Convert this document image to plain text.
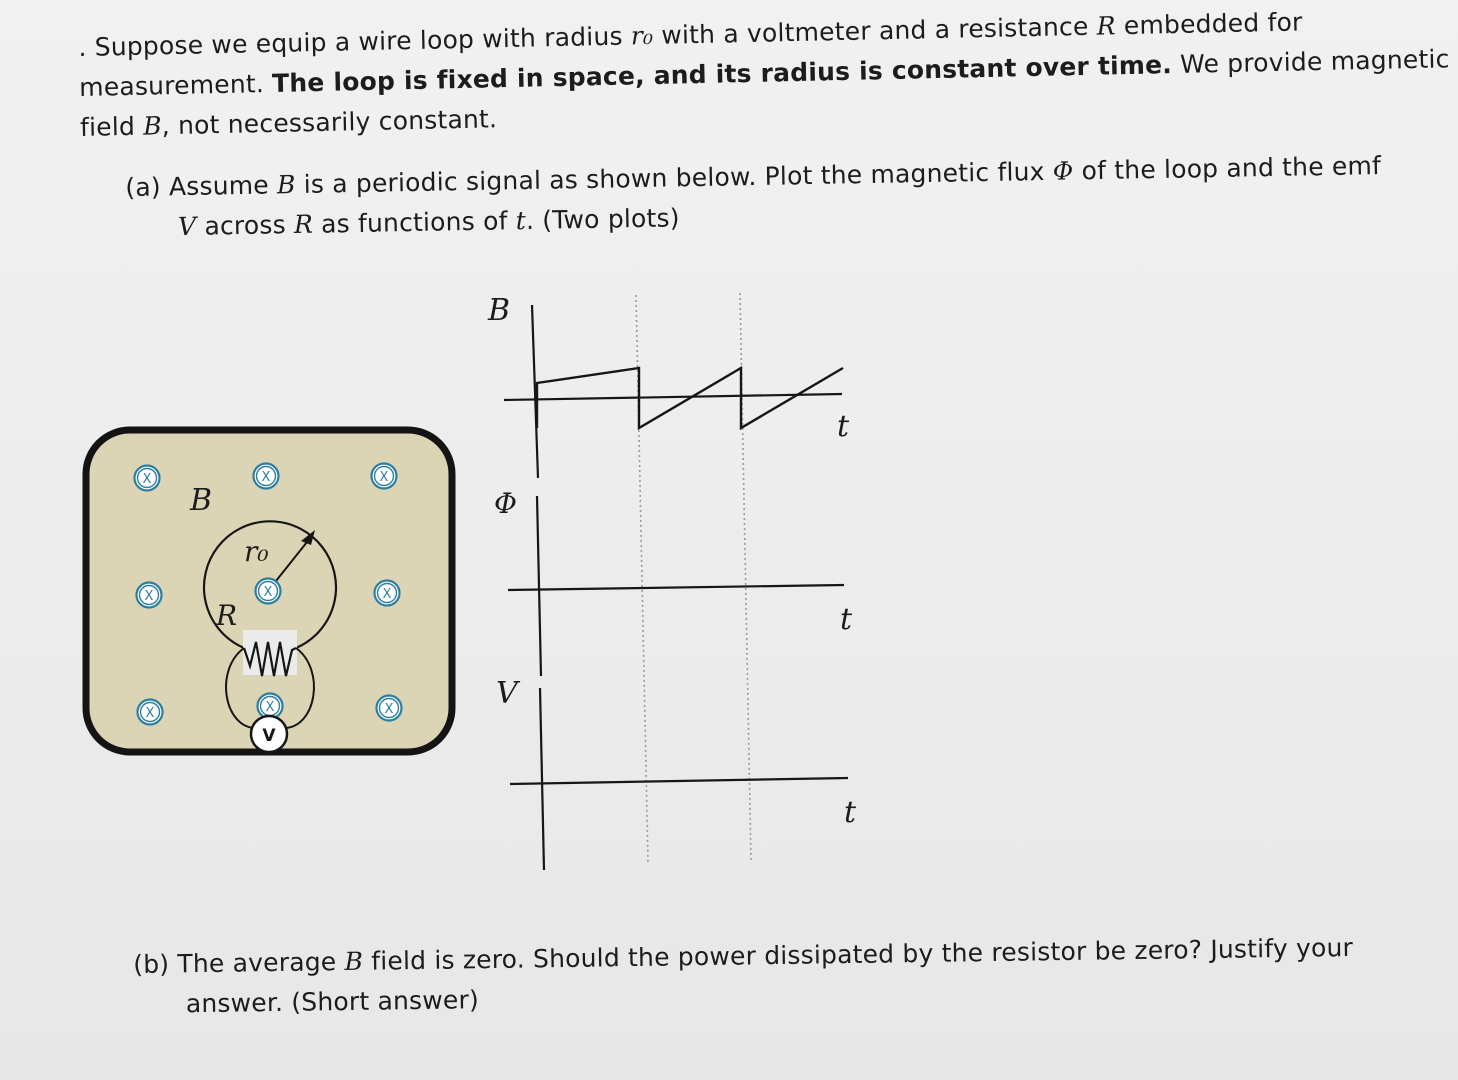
. Suppose we equip a wire loop with radius r₀ with a voltmeter and a resistance R embedded for
measurement. The loop is fixed in space, and its radius is constant over time. We provide magnetic
field B, not necessarily constant.
(a) Assume B is a periodic signal as shown below. Plot the magnetic flux Φ of the loop and the emf
V across R as functions of t. (Two plots)
B
r₀
R
X	X	X
X	X	X
X	X	X
V
B
t
Φ
t
V
t
(b) The average B field is zero. Should the power dissipated by the resistor be zero? Justify your
answer. (Short answer)
